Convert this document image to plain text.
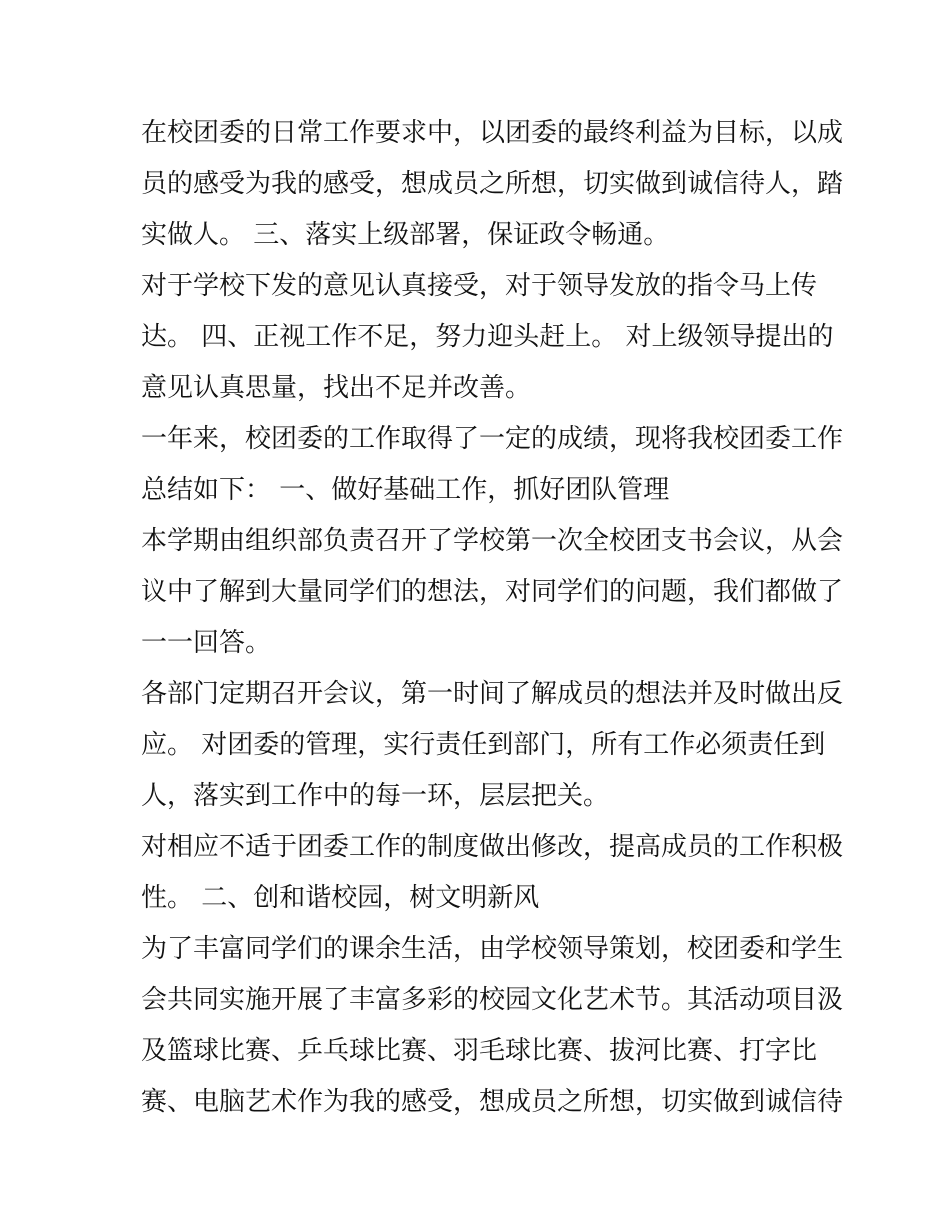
在校团委的日常工作要求中，以团委的最终利益为目标，以成
员的感受为我的感受，想成员之所想，切实做到诚信待人，踏
实做人。 三、落实上级部署，保证政令畅通。
对于学校下发的意见认真接受，对于领导发放的指令马上传
达。 四、正视工作不足，努力迎头赶上。 对上级领导提出的
意见认真思量，找出不足并改善。
一年来，校团委的工作取得了一定的成绩，现将我校团委工作
总结如下： 一、做好基础工作，抓好团队管理
本学期由组织部负责召开了学校第一次全校团支书会议，从会
议中了解到大量同学们的想法，对同学们的问题，我们都做了
一一回答。
各部门定期召开会议，第一时间了解成员的想法并及时做出反
应。 对团委的管理，实行责任到部门，所有工作必须责任到
人，落实到工作中的每一环，层层把关。
对相应不适于团委工作的制度做出修改，提高成员的工作积极
性。 二、创和谐校园，树文明新风
为了丰富同学们的课余生活，由学校领导策划，校团委和学生
会共同实施开展了丰富多彩的校园文化艺术节。其活动项目汲
及篮球比赛、乒乓球比赛、羽毛球比赛、拔河比赛、打字比
赛、电脑艺术作为我的感受，想成员之所想，切实做到诚信待
